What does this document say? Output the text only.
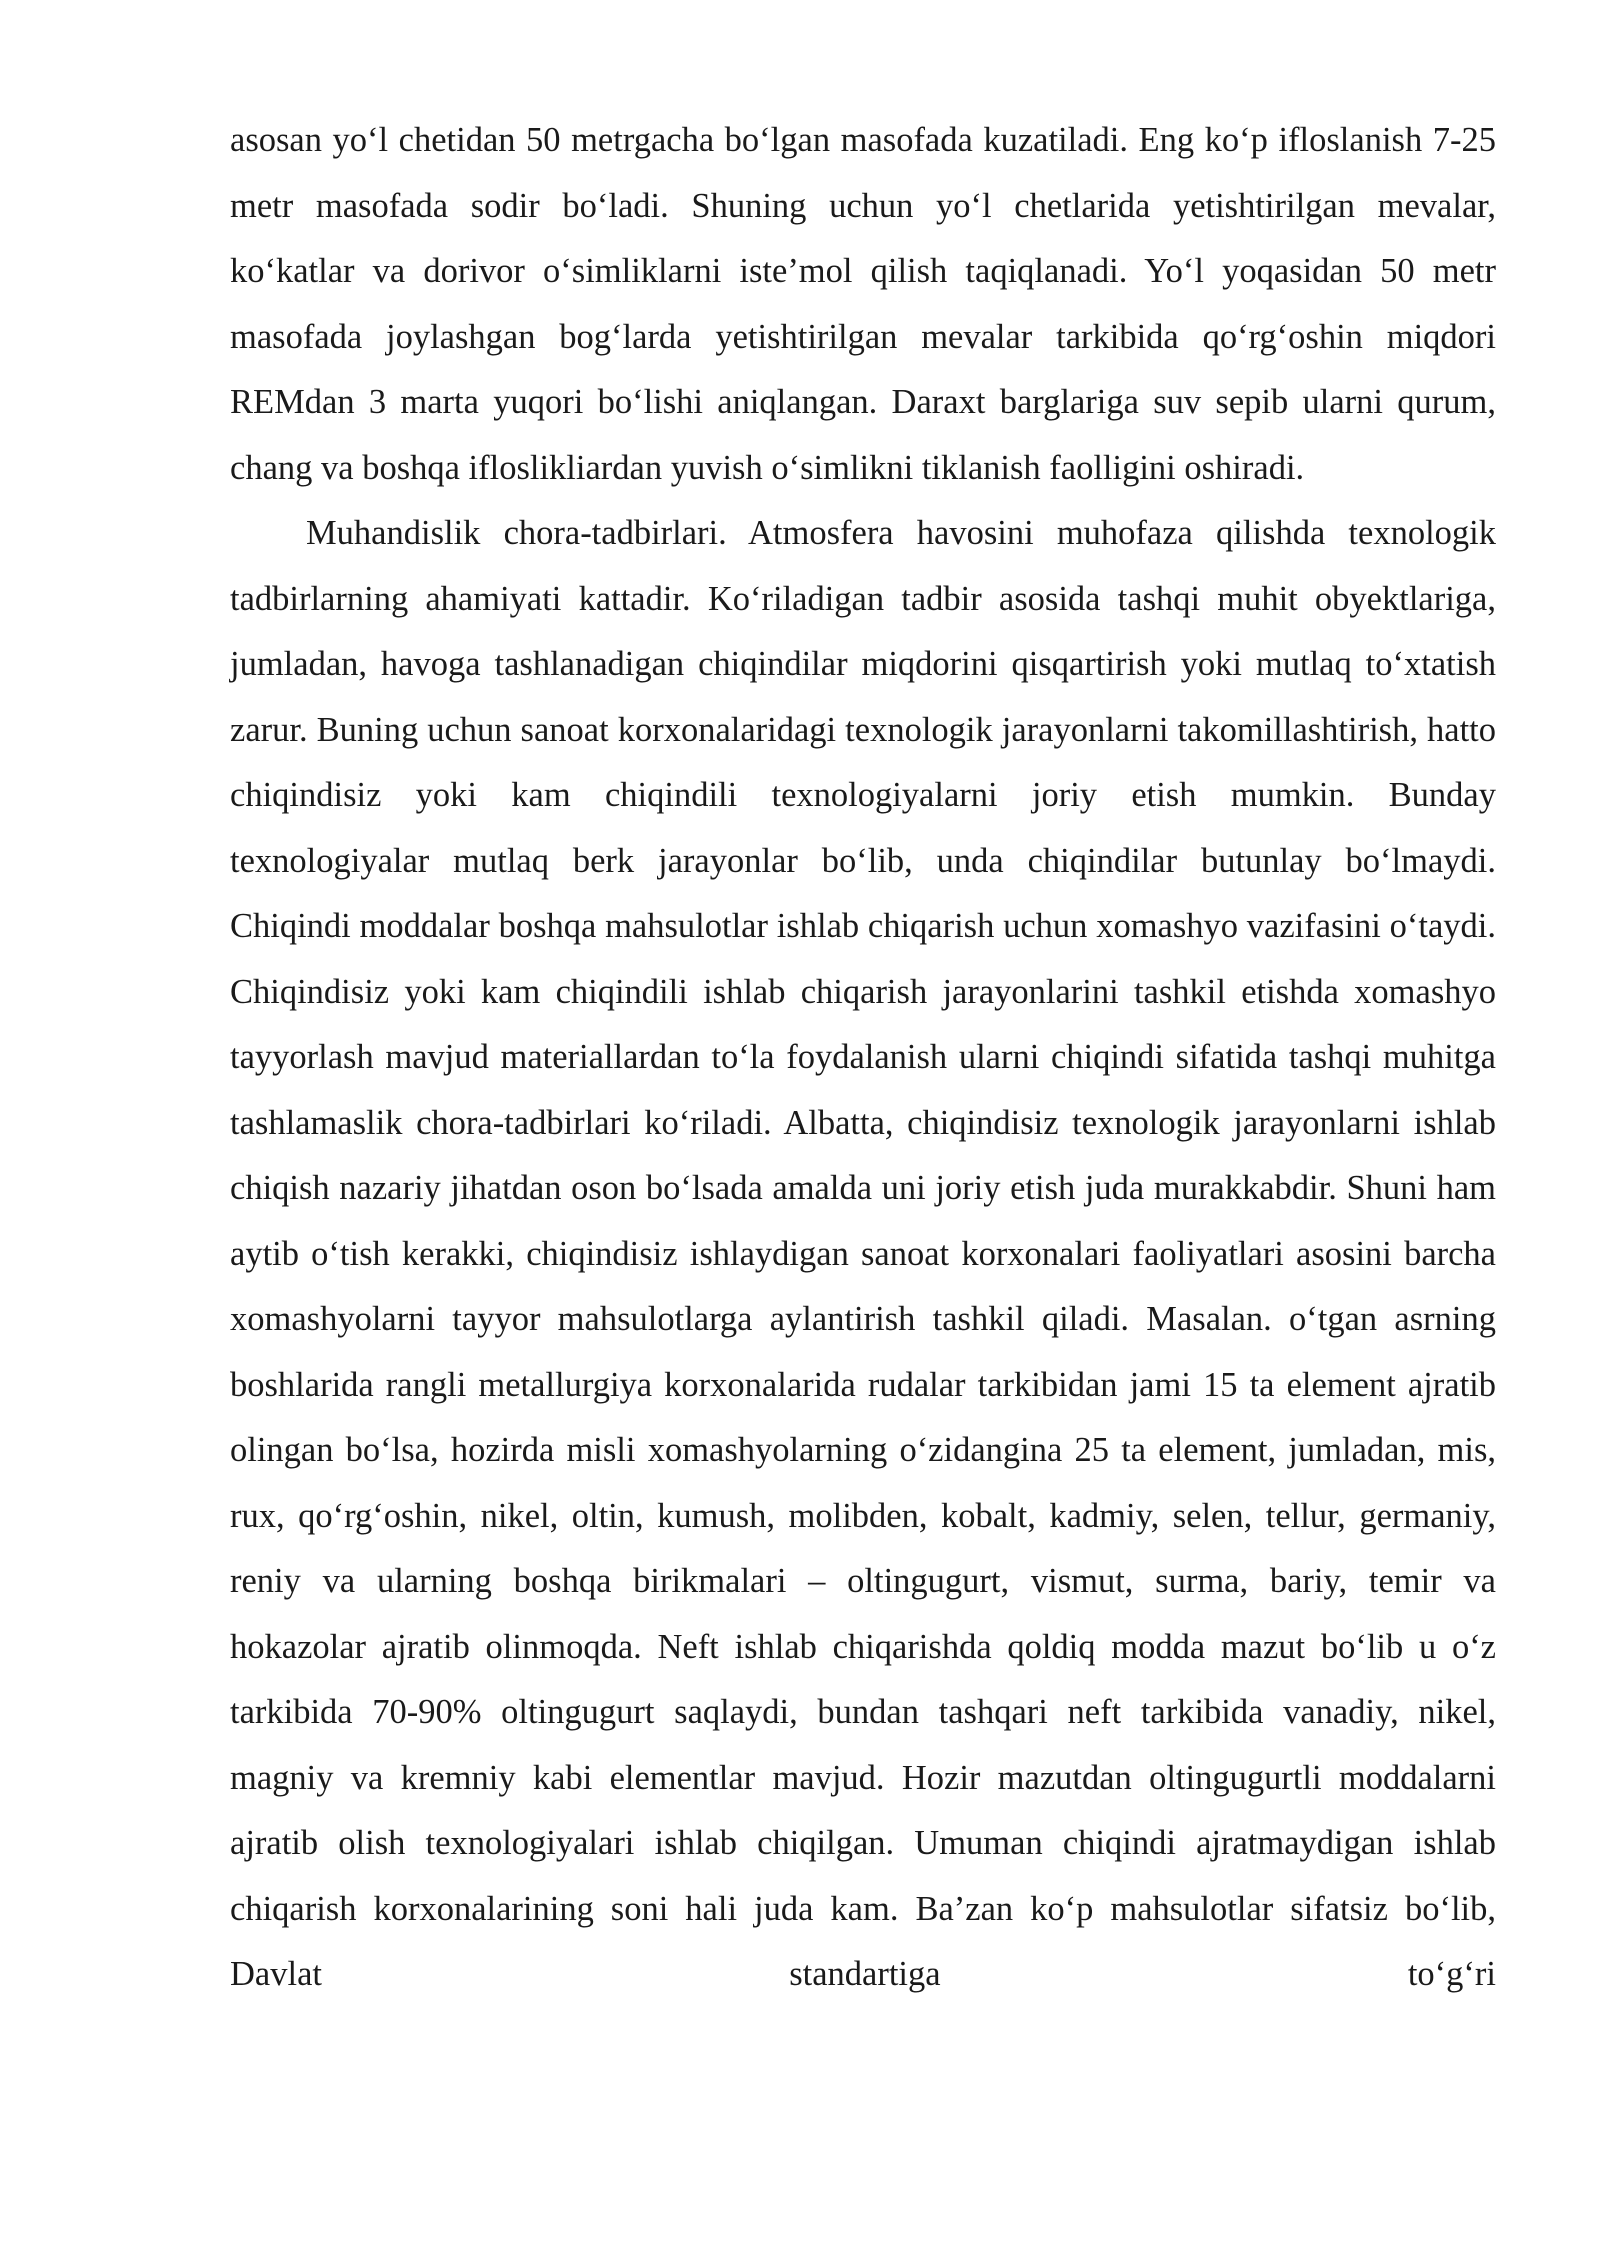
asosan yo‘l chetidan 50 metrgacha bo‘lgan masofada kuzatiladi. Eng ko‘p ifloslanish 7-25 metr masofada sodir bo‘ladi. Shuning uchun yo‘l chetlarida yetishtirilgan mevalar, ko‘katlar va dorivor o‘simliklarni iste’mol qilish taqiqlanadi. Yo‘l yoqasidan 50 metr masofada joylashgan bog‘larda yetishtirilgan mevalar tarkibida qo‘rg‘oshin miqdori REMdan 3 marta yuqori bo‘lishi aniqlangan. Daraxt barglariga suv sepib ularni qurum, chang va boshqa ifloslikliardan yuvish o‘simlikni tiklanish faolligini oshiradi.

Muhandislik chora-tadbirlari. Atmosfera havosini muhofaza qilishda texnologik tadbirlarning ahamiyati kattadir. Ko‘riladigan tadbir asosida tashqi muhit obyektlariga, jumladan, havoga tashlanadigan chiqindilar miqdorini qisqartirish yoki mutlaq to‘xtatish zarur. Buning uchun sanoat korxonalaridagi texnologik jarayonlarni takomillashtirish, hatto chiqindisiz yoki kam chiqindili texnologiyalarni joriy etish mumkin. Bunday texnologiyalar mutlaq berk jarayonlar bo‘lib, unda chiqindilar butunlay bo‘lmaydi. Chiqindi moddalar boshqa mahsulotlar ishlab chiqarish uchun xomashyo vazifasini o‘taydi. Chiqindisiz yoki kam chiqindili ishlab chiqarish jarayonlarini tashkil etishda xomashyo tayyorlash mavjud materiallardan to‘la foydalanish ularni chiqindi sifatida tashqi muhitga tashlamaslik chora-tadbirlari ko‘riladi. Albatta, chiqindisiz texnologik jarayonlarni ishlab chiqish nazariy jihatdan oson bo‘lsada amalda uni joriy etish juda murakkabdir. Shuni ham aytib o‘tish kerakki, chiqindisiz ishlaydigan sanoat korxonalari faoliyatlari asosini barcha xomashyolarni tayyor mahsulotlarga aylantirish tashkil qiladi. Masalan. o‘tgan asrning boshlarida rangli metallurgiya korxonalarida rudalar tarkibidan jami 15 ta element ajratib olingan bo‘lsa, hozirda misli xomashyolarning o‘zidangina 25 ta element, jumladan, mis, rux, qo‘rg‘oshin, nikel, oltin, kumush, molibden, kobalt, kadmiy, selen, tellur, germaniy, reniy va ularning boshqa birikmalari – oltingugurt, vismut, surma, bariy, temir va hokazolar ajratib olinmoqda. Neft ishlab chiqarishda qoldiq modda mazut bo‘lib u o‘z tarkibida 70-90% oltingugurt saqlaydi, bundan tashqari neft tarkibida vanadiy, nikel, magniy va kremniy kabi elementlar mavjud. Hozir mazutdan oltingugurtli moddalarni ajratib olish texnologiyalari ishlab chiqilgan. Umuman chiqindi ajratmaydigan ishlab chiqarish korxonalarining soni hali juda kam. Ba’zan ko‘p mahsulotlar sifatsiz bo‘lib, Davlat standartiga to‘g‘ri
